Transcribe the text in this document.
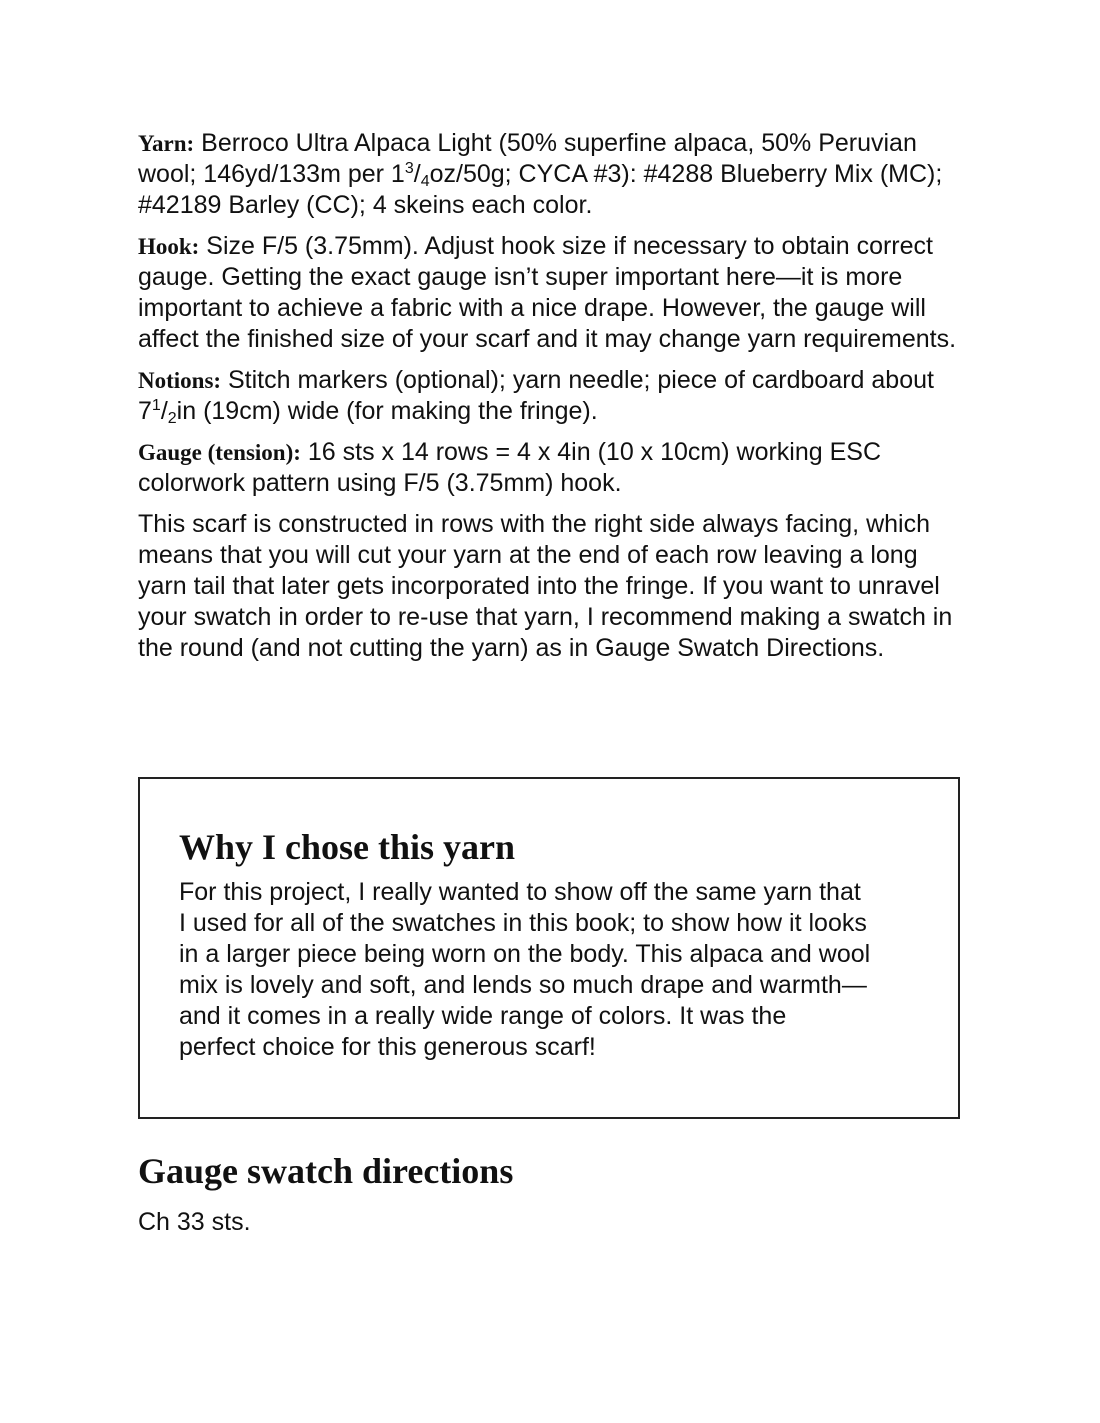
Yarn: Berroco Ultra Alpaca Light (50% superfine alpaca, 50% Peruvian wool; 146yd/133m per $1^3/_4oz/50g$; CYCA #3): #4288 Blueberry Mix (MC); #42189 Barley (CC); 4 skeins each color.

Hook: Size F/5 (3.75mm). Adjust hook size if necessary to obtain correct gauge. Getting the exact gauge isn’t super important here—it is more important to achieve a fabric with a nice drape. However, the gauge will affect the finished size of your scarf and it may change yarn requirements.

Notions: Stitch markers (optional); yarn needle; piece of cardboard about $7^1/_2in$ (19cm) wide (for making the fringe).

Gauge (tension): 16 sts x 14 rows = 4 x 4in (10 x 10cm) working ESC colorwork pattern using F/5 (3.75mm) hook.

This scarf is constructed in rows with the right side always facing, which means that you will cut your yarn at the end of each row leaving a long yarn tail that later gets incorporated into the fringe. If you want to unravel your swatch in order to re-use that yarn, I recommend making a swatch in the round (and not cutting the yarn) as in Gauge Swatch Directions.

Why I chose this yarn

For this project, I really wanted to show off the same yarn that
I used for all of the swatches in this book; to show how it looks
in a larger piece being worn on the body. This alpaca and wool
mix is lovely and soft, and lends so much drape and warmth—
and it comes in a really wide range of colors. It was the
perfect choice for this generous scarf!

Gauge swatch directions

Ch 33 sts.
